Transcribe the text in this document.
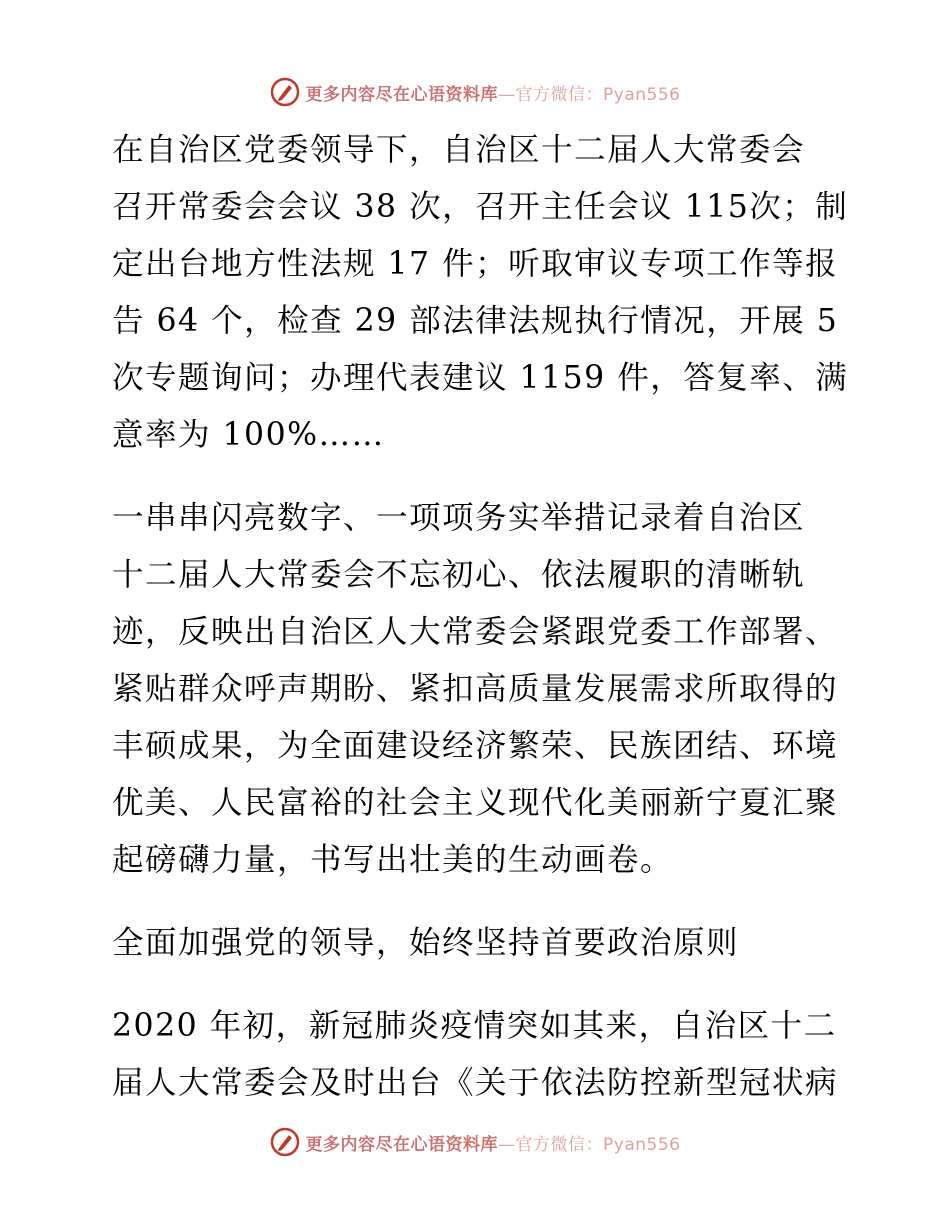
更多内容尽在心语资料库—官方微信：Pyan556

在自治区党委领导下，自治区十二届人大常委会
召开常委会会议 38 次，召开主任会议 115次；制
定出台地方性法规 17 件；听取审议专项工作等报
告 64 个，检查 29 部法律法规执行情况，开展 5
次专题询问；办理代表建议 1159 件，答复率、满
意率为 100%……

一串串闪亮数字、一项项务实举措记录着自治区
十二届人大常委会不忘初心、依法履职的清晰轨
迹，反映出自治区人大常委会紧跟党委工作部署、
紧贴群众呼声期盼、紧扣高质量发展需求所取得的
丰硕成果，为全面建设经济繁荣、民族团结、环境
优美、人民富裕的社会主义现代化美丽新宁夏汇聚
起磅礴力量，书写出壮美的生动画卷。

全面加强党的领导，始终坚持首要政治原则

2020 年初，新冠肺炎疫情突如其来，自治区十二
届人大常委会及时出台《关于依法防控新型冠状病

更多内容尽在心语资料库—官方微信：Pyan556
